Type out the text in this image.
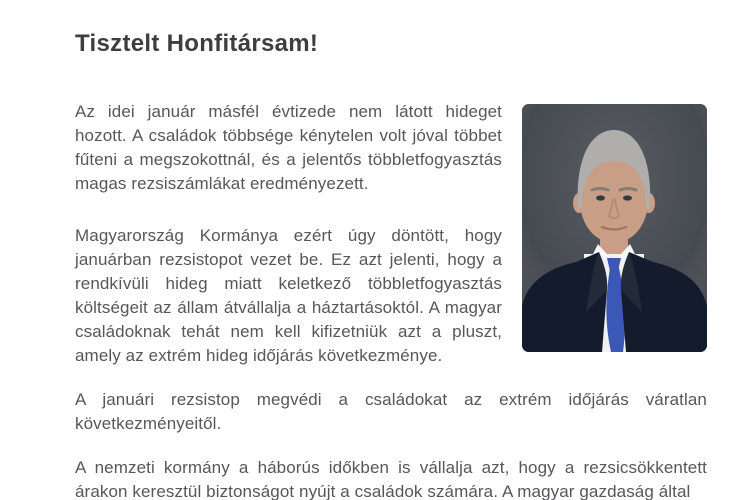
Tisztelt Honfitársam!

Az idei január másfél évtizede nem látott hideget hozott. A családok többsége kénytelen volt jóval többet fűteni a megszokottnál, és a jelentős többletfogyasztás magas rezsiszámlákat eredményezett.

Magyarország Kormánya ezért úgy döntött, hogy januárban rezsistopot vezet be. Ez azt jelenti, hogy a rendkívüli hideg miatt keletkező többletfogyasztás költségeit az állam átvállalja a háztartásoktól. A magyar családoknak tehát nem kell kifizetniük azt a pluszt, amely az extrém hideg időjárás következménye.

A januári rezsistop megvédi a családokat az extrém időjárás váratlan következményeitől.

A nemzeti kormány a háborús időkben is vállalja azt, hogy a rezsicsökkentett árakon keresztül biztonságot nyújt a családok számára. A magyar gazdaság által
